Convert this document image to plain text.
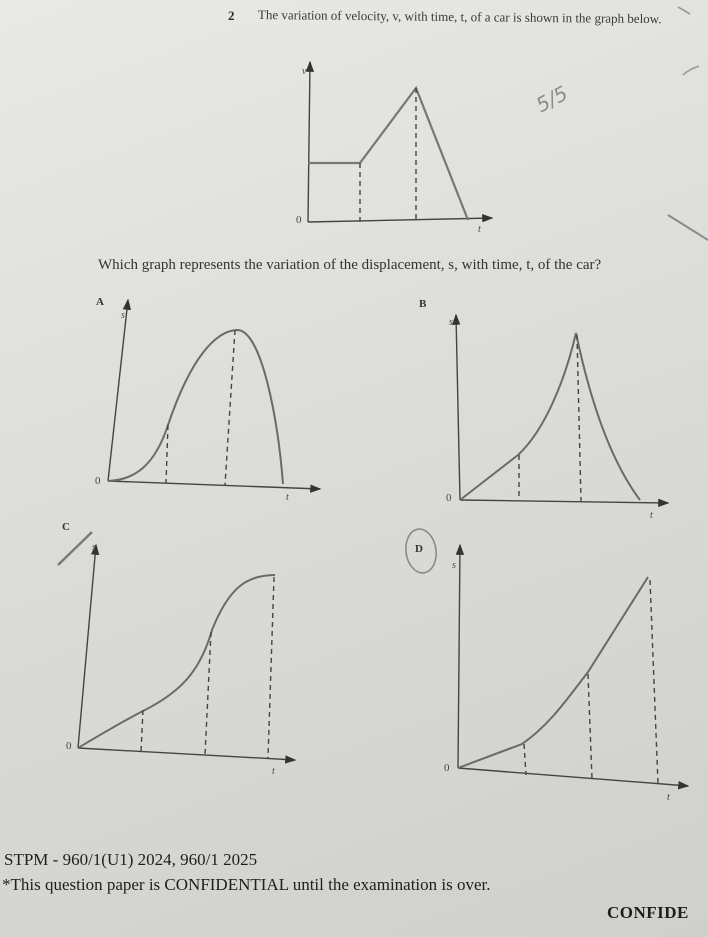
2 The variation of velocity, v, with time, t, of a car is shown in the graph below.
Which graph represents the variation of the displacement, s, with time, t, of the car?
v
t
0
A
s
t
0
B
s
t
0
C
s
t
0
D
s
t
0
5/5
STPM - 960/1(U1) 2024, 960/1 2025
*This question paper is CONFIDENTIAL until the examination is over.
CONFIDE
